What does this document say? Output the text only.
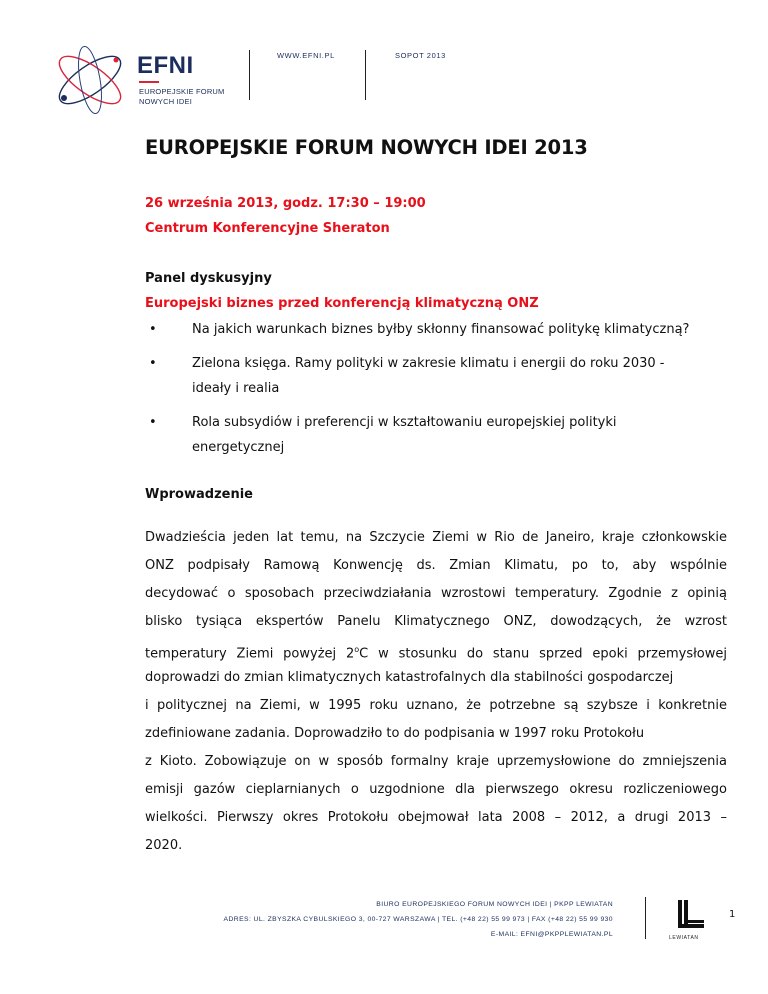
EFNI
EUROPEJSKIE FORUM
NOWYCH IDEI
WWW.EFNI.PL	SOPOT 2013
EUROPEJSKIE FORUM NOWYCH IDEI 2013
26 września 2013, godz. 17:30 – 19:00
Centrum Konferencyjne Sheraton
Panel dyskusyjny
Europejski biznes przed konferencją klimatyczną ONZ
•	Na jakich warunkach biznes byłby skłonny finansować politykę klimatyczną?
•	Zielona księga. Ramy polityki w zakresie klimatu i energii do roku 2030 -
ideały i realia
•	Rola subsydiów i preferencji w kształtowaniu europejskiej polityki
energetycznej
Wprowadzenie
Dwadzieścia jeden lat temu, na Szczycie Ziemi w Rio de Janeiro, kraje członkowskie
ONZ podpisały Ramową Konwencję ds. Zmian Klimatu, po to, aby wspólnie
decydować o sposobach przeciwdziałania wzrostowi temperatury. Zgodnie z opinią
blisko tysiąca ekspertów Panelu Klimatycznego ONZ, dowodzących, że wzrost
temperatury Ziemi powyżej 2$^o$C w stosunku do stanu sprzed epoki przemysłowej
doprowadzi do zmian klimatycznych katastrofalnych dla stabilności gospodarczej
i politycznej na Ziemi, w 1995 roku uznano, że potrzebne są szybsze i konkretnie
zdefiniowane zadania. Doprowadziło to do podpisania w 1997 roku Protokołu
z Kioto. Zobowiązuje on w sposób formalny kraje uprzemysłowione do zmniejszenia
emisji gazów cieplarnianych o uzgodnione dla pierwszego okresu rozliczeniowego
wielkości. Pierwszy okres Protokołu obejmował lata 2008 – 2012, a drugi 2013 –
2020.
BIURO EUROPEJSKIEGO FORUM NOWYCH IDEI | PKPP LEWIATAN
ADRES: UL. ZBYSZKA CYBULSKIEGO 3, 00-727 WARSZAWA | TEL. (+48 22) 55 99 973 | FAX (+48 22) 55 99 930
E-MAIL: EFNI@PKPPLEWIATAN.PL	LEWIATAN
1
